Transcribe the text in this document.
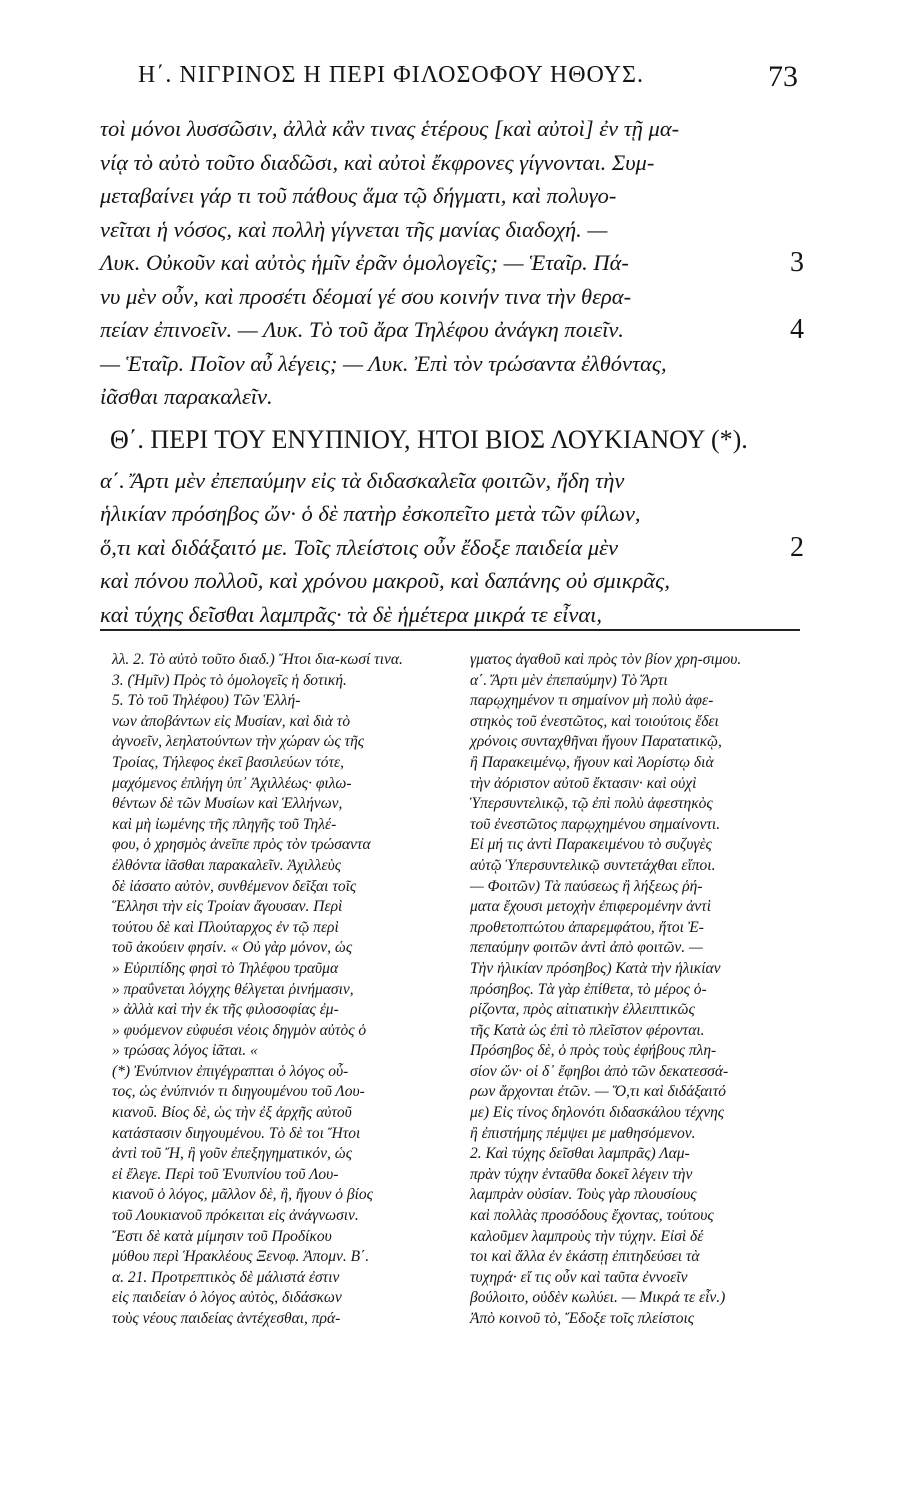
Η΄. ΝΙΓΡΙΝΟΣ Η ΠΕΡΙ ΦΙΛΟΣΟΦΟΥ ΗΘΟΥΣ.	73
τοὶ μόνοι λυσσῶσιν, ἀλλὰ κἂν τινας ἑτέρους [καὶ αὐτοὶ] ἐν τῇ μα-
νίᾳ τὸ αὐτὸ τοῦτο διαδῶσι, καὶ αὐτοὶ ἔκφρονες γίγνονται. Συμ-
μεταβαίνει γάρ τι τοῦ πάθους ἅμα τῷ δήγματι, καὶ πολυγο-
νεῖται ἡ νόσος, καὶ πολλὴ γίγνεται τῆς μανίας διαδοχή. —
Λυκ. Οὐκοῦν καὶ αὐτὸς ἡμῖν ἐρᾶν ὁμολογεῖς; — Ἑταῖρ. Πά-	3
νυ μὲν οὖν, καὶ προσέτι δέομαί γέ σου κοινήν τινα τὴν θερα-
πείαν ἐπινοεῖν. — Λυκ. Τὸ τοῦ ἄρα Τηλέφου ἀνάγκη ποιεῖν.	4
— Ἑταῖρ. Ποῖον αὖ λέγεις; — Λυκ. Ἐπὶ τὸν τρώσαντα ἐλθόντας,
ἰᾶσθαι παρακαλεῖν.
Θ΄. ΠΕΡΙ ΤΟΥ ΕΝΥΠΝΙΟΥ, ΗΤΟΙ ΒΙΟΣ ΛΟΥΚΙΑΝΟΥ (*).
α΄. Ἄρτι μὲν ἐπεπαύμην εἰς τὰ διδασκαλεῖα φοιτῶν, ἤδη τὴν
ἡλικίαν πρόσηβος ὤν· ὁ δὲ πατὴρ ἐσκοπεῖτο μετὰ τῶν φίλων,
ὅ,τι καὶ διδάξαιτό με. Τοῖς πλείστοις οὖν ἔδοξε παιδεία μὲν	2
καὶ πόνου πολλοῦ, καὶ χρόνου μακροῦ, καὶ δαπάνης οὐ σμικρᾶς,
καὶ τύχης δεῖσθαι λαμπρᾶς· τὰ δὲ ἡμέτερα μικρά τε εἶναι,
λλ. 2. Τὸ αὐτὸ τοῦτο διαδ.) Ἤτοι δια-κωσί τινα.3. (Ἡμῖν) Πρὸς τὸ ὁμολογεῖς ἡ δοτική.5. Τὸ τοῦ Τηλέφου) Τῶν Ἑλλή-νων ἀποβάντων εἰς Μυσίαν, καὶ διὰ τὸἀγνοεῖν, λεηλατούντων τὴν χώραν ὡς τῆςΤροίας, Τήλεφος ἐκεῖ βασιλεύων τότε,μαχόμενος ἐπλήγη ὑπ᾽ Ἀχιλλέως· φιλω-θέντων δὲ τῶν Μυσίων καὶ Ἑλλήνων,καὶ μὴ ἰωμένης τῆς πληγῆς τοῦ Τηλέ-φου, ὁ χρησμὸς ἀνεῖπε πρὸς τὸν τρώσανταἐλθόντα ἰᾶσθαι παρακαλεῖν. Ἀχιλλεὺςδὲ ἰάσατο αὐτὸν, συνθέμενον δεῖξαι τοῖςἝλλησι τὴν εἰς Τροίαν ἄγουσαν. Περὶτούτου δὲ καὶ Πλούταρχος ἐν τῷ περὶτοῦ ἀκούειν φησίν. « Οὐ γὰρ μόνον, ὡς» Εὐριπίδης φησὶ τὸ Τηλέφου τραῦμα» πραΰνεται λόγχης θέλγεται ῥινήμασιν,» ἀλλὰ καὶ τὴν ἐκ τῆς φιλοσοφίας ἐμ-» φυόμενον εὐφυέσι νέοις δηγμὸν αὐτὸς ὁ» τρώσας λόγος ἰᾶται. «(*) Ἐνύπνιον ἐπιγέγραπται ὁ λόγος οὗ-τος, ὡς ἐνύπνιόν τι διηγουμένου τοῦ Λου-κιανοῦ. Βίος δὲ, ὡς τὴν ἐξ ἀρχῆς αὐτοῦκατάστασιν διηγουμένου. Τὸ δὲ τοι Ἤτοιἀντὶ τοῦ Ἤ, ἢ γοῦν ἐπεξηγηματικόν, ὡςεἰ ἔλεγε. Περὶ τοῦ Ἐνυπνίου τοῦ Λου-κιανοῦ ὁ λόγος, μᾶλλον δὲ, ἢ, ἤγουν ὁ βίοςτοῦ Λουκιανοῦ πρόκειται εἰς ἀνάγνωσιν.Ἔστι δὲ κατὰ μίμησιν τοῦ Προδίκουμύθου περὶ Ἡρακλέους Ξενοφ. Ἀπομν. Β΄.α. 21. Προτρεπτικὸς δὲ μάλιστά ἐστινεἰς παιδείαν ὁ λόγος αὐτὸς, διδάσκωντοὺς νέους παιδείας ἀντέχεσθαι, πρά-
γματος ἀγαθοῦ καὶ πρὸς τὸν βίον χρη-σιμου.α΄. Ἄρτι μὲν ἐπεπαύμην) Τὸ Ἄρτιπαρῳχημένον τι σημαίνον μὴ πολὺ ἀφε-στηκὸς τοῦ ἐνεστῶτος, καὶ τοιούτοις ἔδειχρόνοις συνταχθῆναι ἤγουν Παρατατικῷ,ἢ Παρακειμένῳ, ἤγουν καὶ Ἀορίστῳ διὰτὴν ἀόριστον αὐτοῦ ἔκτασιν· καὶ οὐχὶὙπερσυντελικῷ, τῷ ἐπὶ πολὺ ἀφεστηκὸςτοῦ ἐνεστῶτος παρῳχημένου σημαίνοντι.Εἰ μή τις ἀντὶ Παρακειμένου τὸ συζυγὲςαὐτῷ Ὑπερσυντελικῷ συντετάχθαι εἴποι.— Φοιτῶν) Τὰ παύσεως ἢ λήξεως ῥή-ματα ἔχουσι μετοχὴν ἐπιφερομένην ἀντὶπροθετοπτώτου ἀπαρεμφάτου, ἤτοι Ἐ-πεπαύμην φοιτῶν ἀντὶ ἀπὸ φοιτῶν. —Τὴν ἡλικίαν πρόσηβος) Κατὰ τὴν ἡλικίανπρόσηβος. Τὰ γὰρ ἐπίθετα, τὸ μέρος ὁ-ρίζοντα, πρὸς αἰτιατικὴν ἐλλειπτικῶςτῆς Κατὰ ὡς ἐπὶ τὸ πλεῖστον φέρονται.Πρόσηβος δὲ, ὁ πρὸς τοὺς ἐφήβους πλη-σίον ὤν· οἱ δ᾽ ἔφηβοι ἀπὸ τῶν δεκατεσσά-ρων ἄρχονται ἐτῶν. — Ὅ,τι καὶ διδάξαιτόμε) Εἰς τίνος δηλονότι διδασκάλου τέχνηςἢ ἐπιστήμης πέμψει με μαθησόμενον.2. Καὶ τύχης δεῖσθαι λαμπρᾶς) Λαμ-πρὰν τύχην ἐνταῦθα δοκεῖ λέγειν τὴνλαμπρὰν οὐσίαν. Τοὺς γὰρ πλουσίουςκαὶ πολλὰς προσόδους ἔχοντας, τούτουςκαλοῦμεν λαμπροὺς τὴν τύχην. Εἰσὶ δέτοι καὶ ἄλλα ἐν ἑκάστῃ ἐπιτηδεύσει τὰτυχηρά· εἴ τις οὖν καὶ ταῦτα ἐννοεῖνβούλοιτο, οὐδὲν κωλύει. — Μικρά τε εἶν.)Ἀπὸ κοινοῦ τὸ, Ἔδοξε τοῖς πλείστοις
